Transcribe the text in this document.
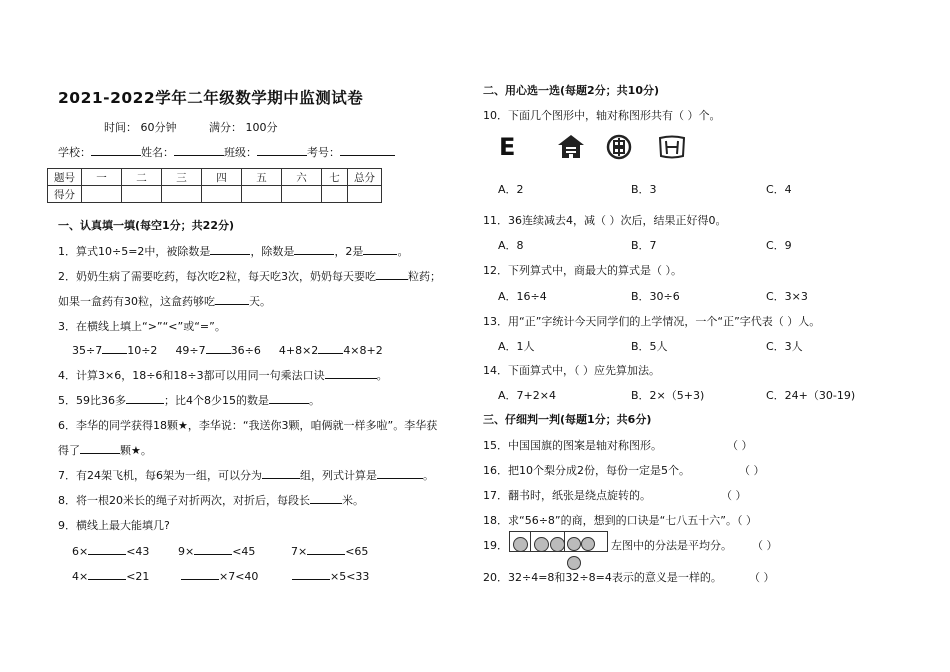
2021-2022学年二年级数学期中监测试卷
时间： 60分钟	满分： 100分
学校：	姓名：	班级：	考号：
题号	一	二	三	四	五	六	七	总分
得分								
一、认真填一填(每空1分；共22分)
1．算式10÷5=2中，被除数是	，除数是	，2是	。
2．奶奶生病了需要吃药，每次吃2粒，每天吃3次，奶奶每天要吃	粒药；
如果一盒药有30粒，这盒药够吃	天。
3．在横线上填上“>”“<”或“=”。
35÷7 10÷2 49÷7 36÷6 4+8×2 4×8+2
4．计算3×6，18÷6和18÷3都可以用同一句乘法口诀	。
5．59比36多	；比4个8少15的数是	。
6．李华的同学获得18颗★，李华说：“我送你3颗，咱俩就一样多啦”。李华获
得了	颗★。
7．有24架飞机，每6架为一组，可以分为	组，列式计算是	。
8．将一根20米长的绳子对折两次，对折后，每段长	米。
9．横线上最大能填几?
6×	<43	9×	<45	7×	<65
4×	<21	×7<40	×5<33
二、用心选一选(每题2分；共10分)
10．下面几个图形中，轴对称图形共有（ ）个。
E
A．2	B．3	C．4
11．36连续减去4，减（ ）次后，结果正好得0。
A．8	B．7	C．9
12．下列算式中，商最大的算式是（ ）。
A．16÷4	B．30÷6	C．3×3
13．用“正”字统计今天同学们的上学情况，一个“正”字代表（ ）人。
A．1人	B．5人	C．3人
14．下面算式中，（ ）应先算加法。
A．7+2×4	B．2×（5+3)	C．24+（30-19)
三、仔细判一判(每题1分；共6分)
15．中国国旗的图案是轴对称图形。	（ ）
16．把10个梨分成2份，每份一定是5个。	（ ）
17．翻书时，纸张是绕点旋转的。	（ ）
18．求“56÷8”的商，想到的口诀是“七八五十六”。（ ）
19．	左图中的分法是平均分。 （ ）
20．32÷4=8和32÷8=4表示的意义是一样的。 （ ）
